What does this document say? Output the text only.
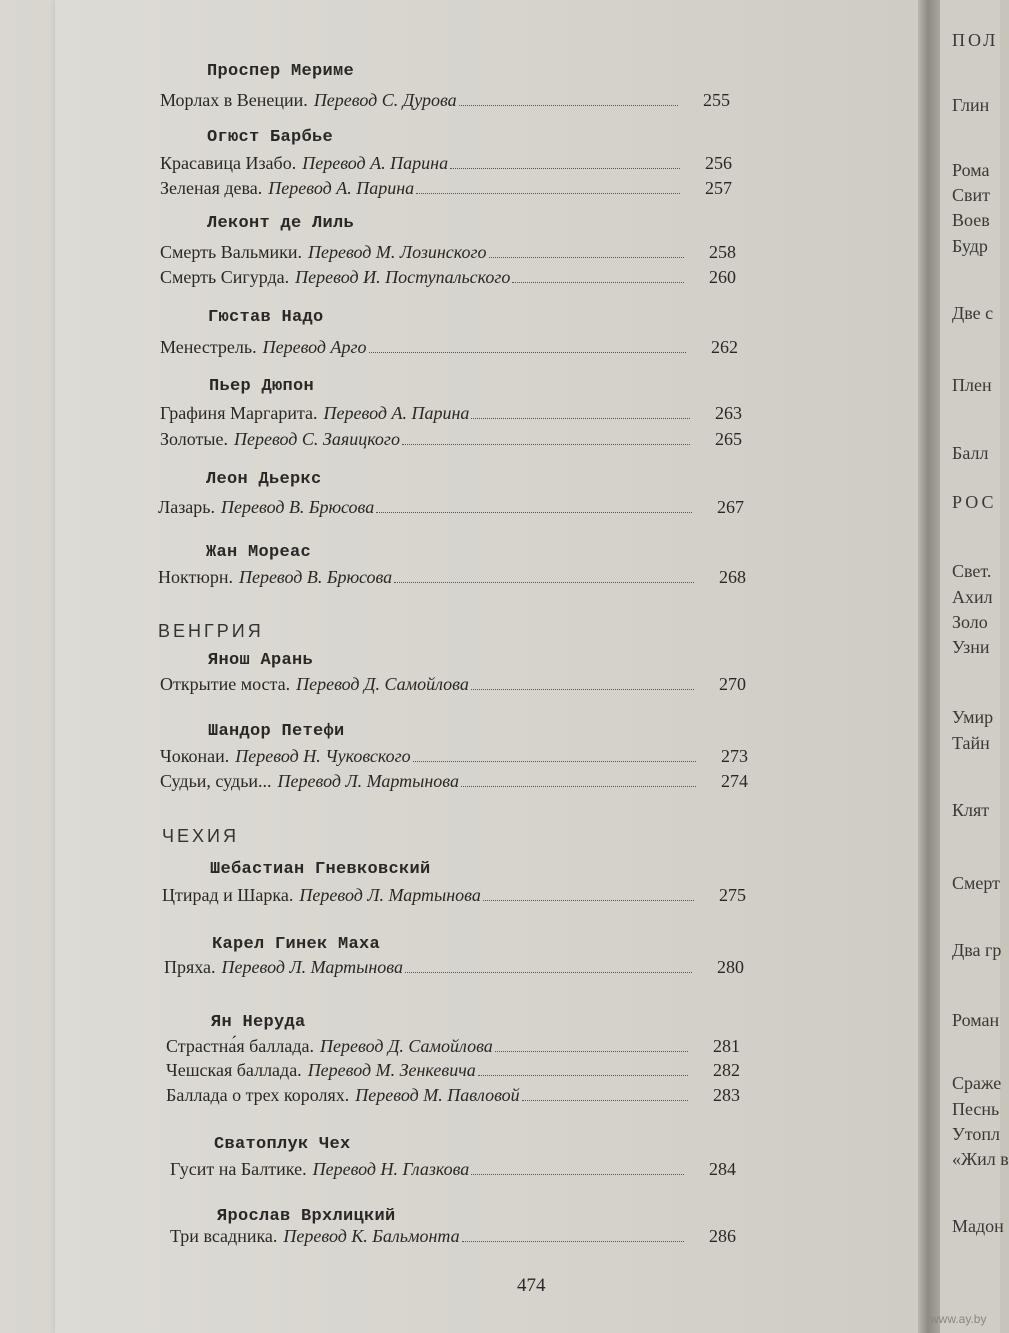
ПОЛ
Глин
Рома
Свит
Воев
Будр
Две с
Плен
Балл
РОС
Свет.
Ахил
Золо
Узни
Умир
Тайн
Клят
Смерт
Два гр
Роман
Сраже
Песнь
Утопл
«Жил в
Мадон
Проспер Мериме
Морлах в Венеции. Перевод С. Дурова	255
Огюст Барбье
Красавица Изабо. Перевод А. Парина	256
Зеленая дева. Перевод А. Парина	257
Леконт де Лиль
Смерть Вальмики. Перевод М. Лозинского	258
Смерть Сигурда. Перевод И. Поступальского	260
Гюстав Надо
Менестрель. Перевод Арго	262
Пьер Дюпон
Графиня Маргарита. Перевод А. Парина	263
Золотые. Перевод С. Заяицкого	265
Леон Дьеркс
Лазарь. Перевод В. Брюсова	267
Жан Мореас
Ноктюрн. Перевод В. Брюсова	268
ВЕНГРИЯ
Янош Арань
Открытие моста. Перевод Д. Самойлова	270
Шандор Петефи
Чоконаи. Перевод Н. Чуковского	273
Судьи, судьи... Перевод Л. Мартынова	274
ЧЕХИЯ
Шебастиан Гневковский
Цтирад и Шарка. Перевод Л. Мартынова	275
Карел Гинек Маха
Пряха. Перевод Л. Мартынова	280
Ян Неруда
Страстна́я баллада. Перевод Д. Самойлова	281
Чешская баллада. Перевод М. Зенкевича	282
Баллада о трех королях. Перевод М. Павловой	283
Сватоплук Чех
Гусит на Балтике. Перевод Н. Глазкова	284
Ярослав Врхлицкий
Три всадника. Перевод К. Бальмонта	286
474
www.ay.by
